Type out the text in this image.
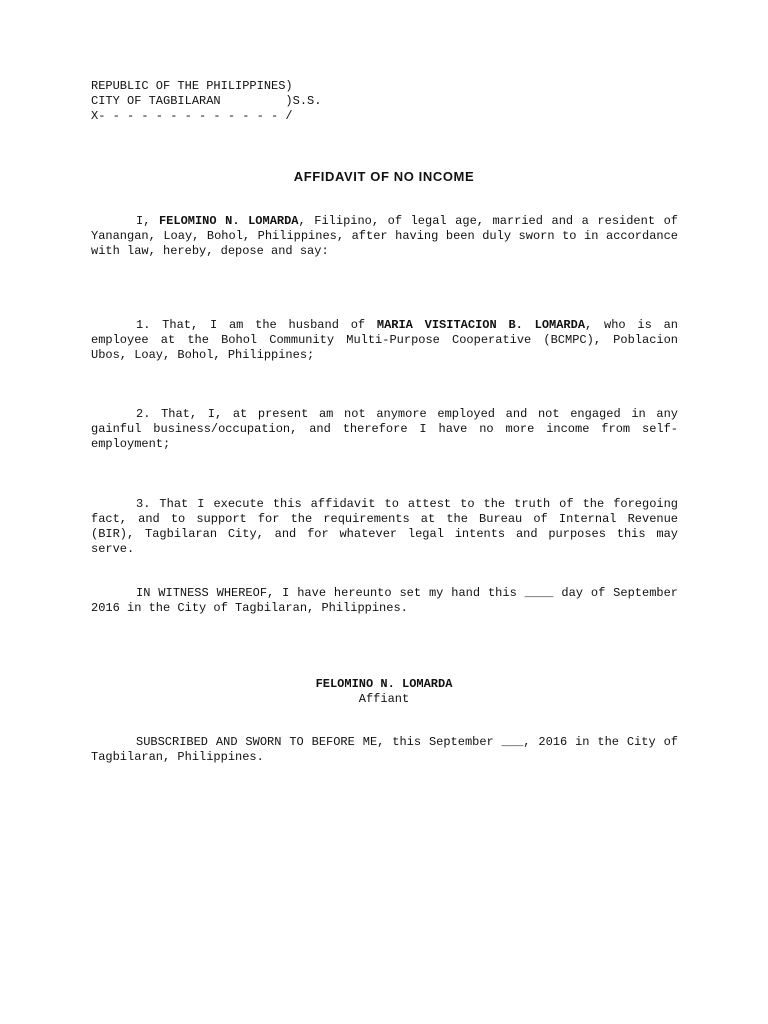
REPUBLIC OF THE PHILIPPINES)
CITY OF TAGBILARAN         )S.S.
X- - - - - - - - - - - - - /
AFFIDAVIT OF NO INCOME

I, FELOMINO N. LOMARDA, Filipino, of legal age, married and a resident of Yanangan, Loay, Bohol, Philippines, after having been duly sworn to in accordance with law, hereby, depose and say:

1. That, I am the husband of MARIA VISITACION B. LOMARDA, who is an employee at the Bohol Community Multi-Purpose Cooperative (BCMPC), Poblacion Ubos, Loay, Bohol, Philippines;

2. That, I, at present am not anymore employed and not engaged in any gainful business/occupation, and therefore I have no more income from self-employment;

3. That I execute this affidavit to attest to the truth of the foregoing fact, and to support for the requirements at the Bureau of Internal Revenue (BIR), Tagbilaran City, and for whatever legal intents and purposes this may serve.

IN WITNESS WHEREOF, I have hereunto set my hand this ____ day of September 2016 in the City of Tagbilaran, Philippines.

FELOMINO N. LOMARDA

Affiant

SUBSCRIBED AND SWORN TO BEFORE ME, this September ___, 2016 in the City of Tagbilaran, Philippines.
